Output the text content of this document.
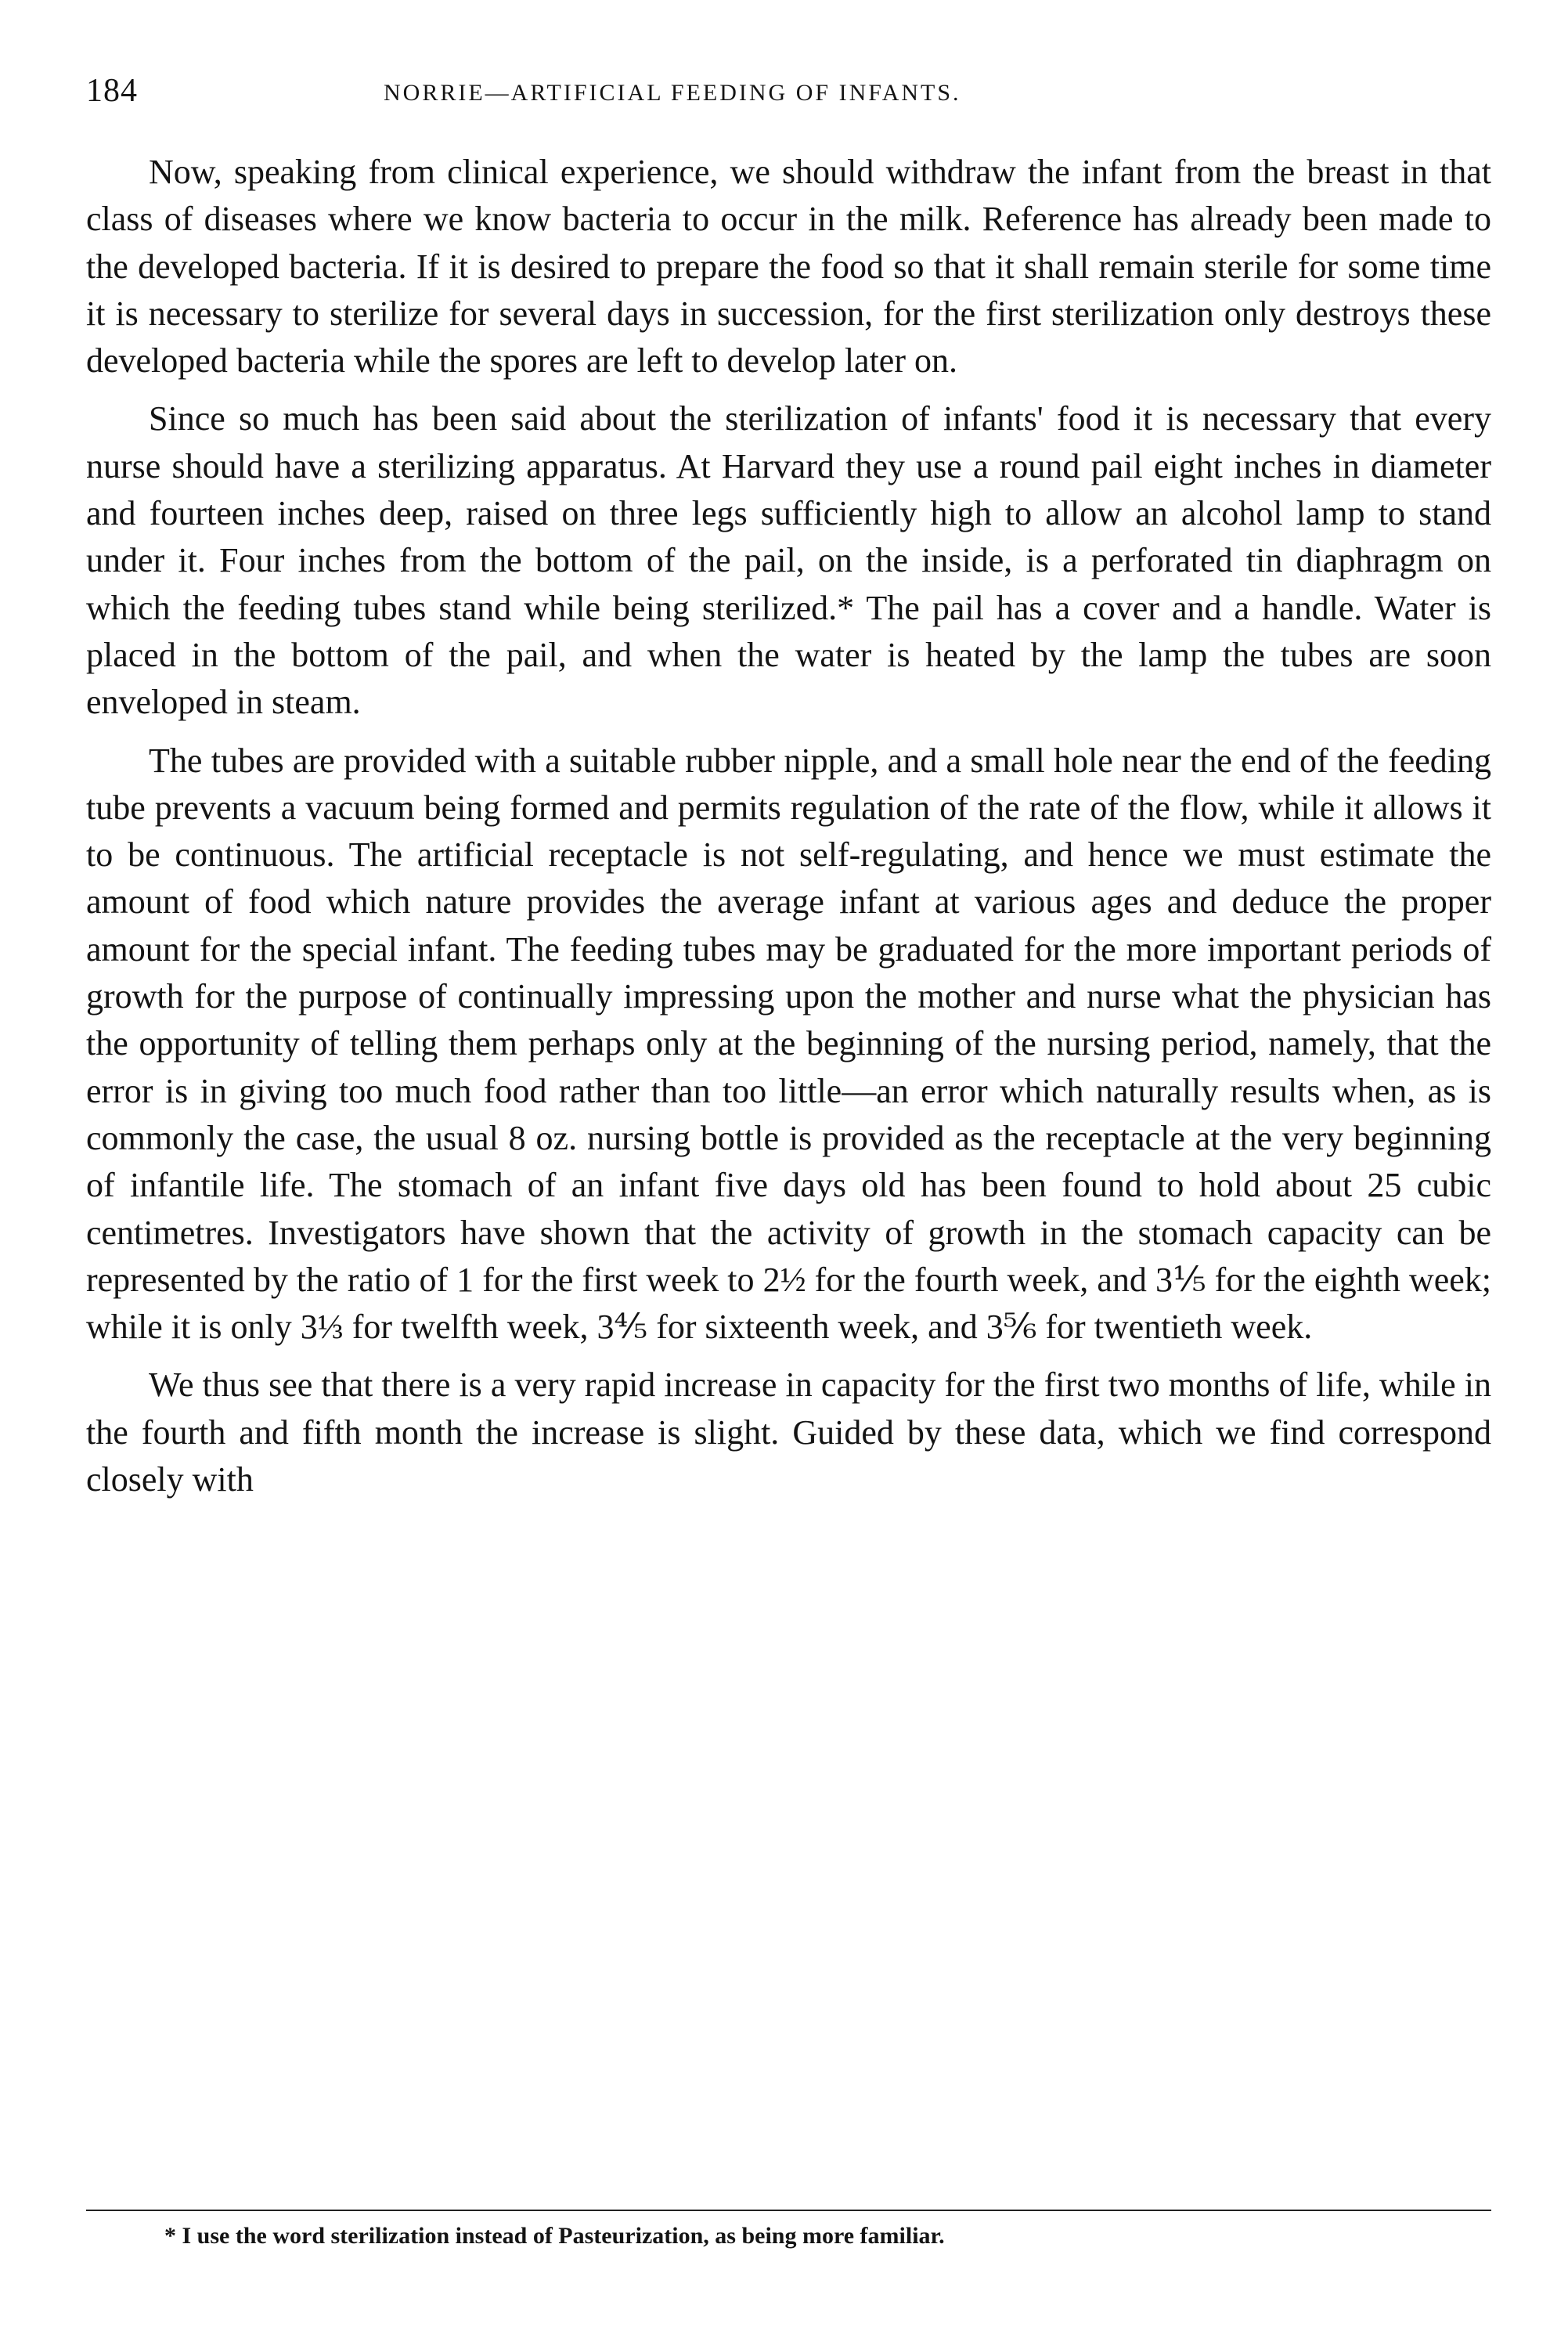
184	NORRIE—ARTIFICIAL FEEDING OF INFANTS.

Now, speaking from clinical experience, we should withdraw the infant from the breast in that class of diseases where we know bacteria to occur in the milk. Reference has already been made to the developed bacteria. If it is desired to prepare the food so that it shall remain sterile for some time it is necessary to sterilize for several days in succession, for the first sterilization only destroys these developed bacteria while the spores are left to develop later on.

Since so much has been said about the sterilization of infants' food it is necessary that every nurse should have a sterilizing apparatus. At Harvard they use a round pail eight inches in diameter and fourteen inches deep, raised on three legs sufficiently high to allow an alcohol lamp to stand under it. Four inches from the bottom of the pail, on the inside, is a perforated tin diaphragm on which the feeding tubes stand while being sterilized.* The pail has a cover and a handle. Water is placed in the bottom of the pail, and when the water is heated by the lamp the tubes are soon enveloped in steam.

The tubes are provided with a suitable rubber nipple, and a small hole near the end of the feeding tube prevents a vacuum being formed and permits regulation of the rate of the flow, while it allows it to be continuous. The artificial receptacle is not self-regulating, and hence we must estimate the amount of food which nature provides the average infant at various ages and deduce the proper amount for the special infant. The feeding tubes may be graduated for the more important periods of growth for the purpose of continually impressing upon the mother and nurse what the physician has the opportunity of telling them perhaps only at the beginning of the nursing period, namely, that the error is in giving too much food rather than too little—an error which naturally results when, as is commonly the case, the usual 8 oz. nursing bottle is provided as the receptacle at the very beginning of infantile life. The stomach of an infant five days old has been found to hold about 25 cubic centimetres. Investigators have shown that the activity of growth in the stomach capacity can be represented by the ratio of 1 for the first week to 2½ for the fourth week, and 3⅕ for the eighth week; while it is only 3⅓ for twelfth week, 3⅘ for sixteenth week, and 3⅚ for twentieth week.

We thus see that there is a very rapid increase in capacity for the first two months of life, while in the fourth and fifth month the increase is slight. Guided by these data, which we find correspond closely with

* I use the word sterilization instead of Pasteurization, as being more familiar.
